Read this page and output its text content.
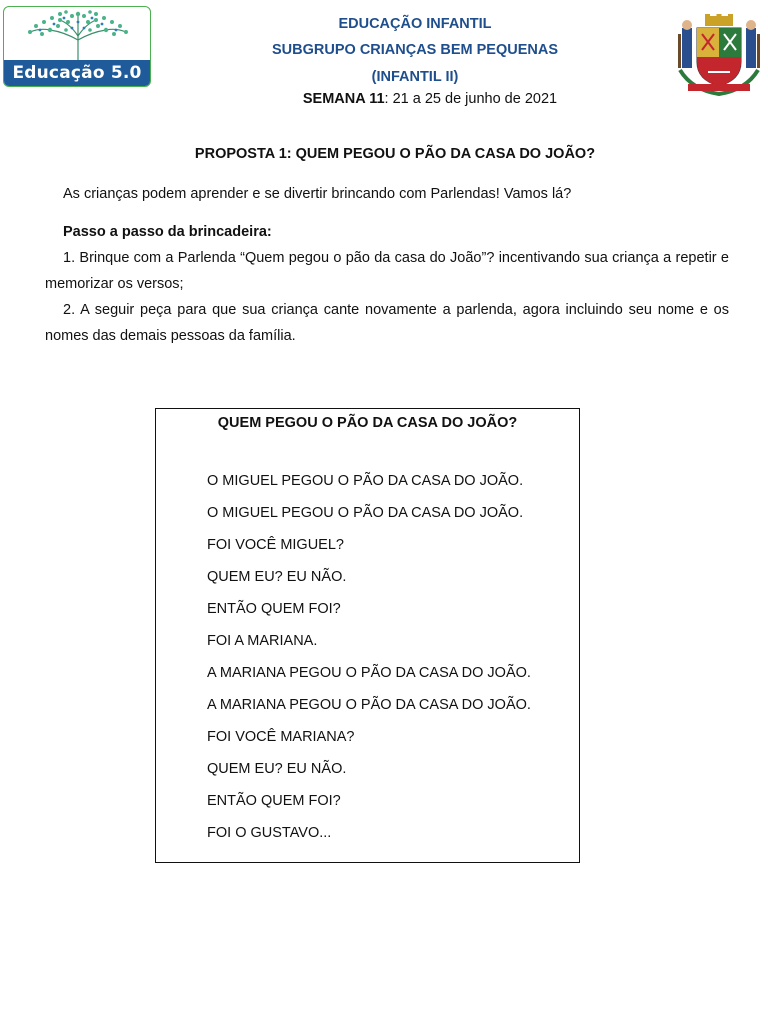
Educação 5.0
EDUCAÇÃO INFANTIL
SUBGRUPO CRIANÇAS BEM PEQUENAS
(INFANTIL II)
SEMANA 11: 21 a 25 de junho de 2021
PROPOSTA 1: QUEM PEGOU O PÃO DA CASA DO JOÃO?
As crianças podem aprender e se divertir brincando com Parlendas! Vamos lá?
Passo a passo da brincadeira:
1. Brinque com a Parlenda “Quem pegou o pão da casa do João”? incentivando sua criança a repetir e memorizar os versos;
2. A seguir peça para que sua criança cante novamente a parlenda, agora incluindo seu nome e os nomes das demais pessoas da família.
QUEM PEGOU O PÃO DA CASA DO JOÃO?
O MIGUEL PEGOU O PÃO DA CASA DO JOÃO.
O MIGUEL PEGOU O PÃO DA CASA DO JOÃO.
FOI VOCÊ MIGUEL?
QUEM EU? EU NÃO.
ENTÃO QUEM FOI?
FOI A MARIANA.
A MARIANA PEGOU O PÃO DA CASA DO JOÃO.
A MARIANA PEGOU O PÃO DA CASA DO JOÃO.
FOI VOCÊ MARIANA?
QUEM EU? EU NÃO.
ENTÃO QUEM FOI?
FOI O GUSTAVO...
